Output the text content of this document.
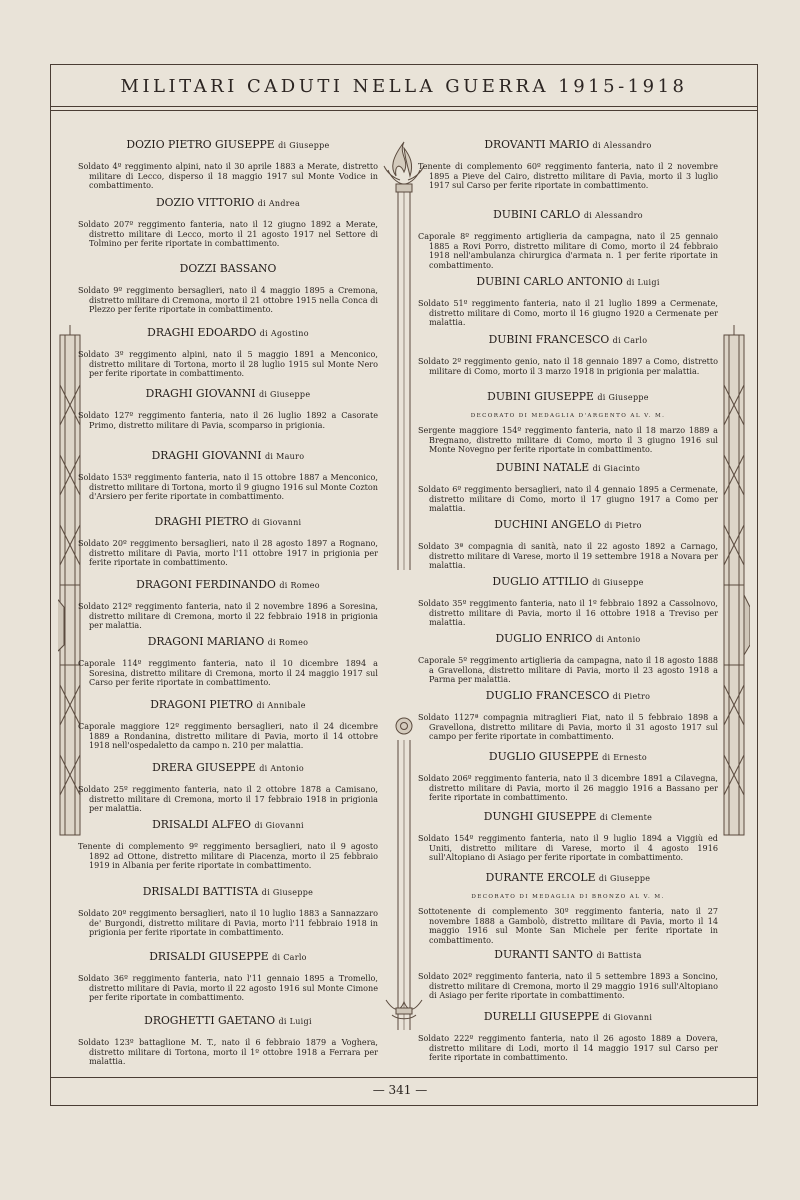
MILITARI CADUTI NELLA GUERRA 1915-1918

DOZIO PIETRO GIUSEPPE di Giuseppe

Soldato 4º reggimento alpini, nato il 30 aprile 1883 a Merate, distretto militare di Lecco, disperso il 18 maggio 1917 sul Monte Vodice in combattimento.

DOZIO VITTORIO di Andrea

Soldato 207º reggimento fanteria, nato il 12 giugno 1892 a Merate, distretto militare di Lecco, morto il 21 agosto 1917 nel Settore di Tolmino per ferite riportate in combattimento.

DOZZI BASSANO

Soldato 9º reggimento bersaglieri, nato il 4 maggio 1895 a Cremona, distretto militare di Cremona, morto il 21 ottobre 1915 nella Conca di Plezzo per ferite riportate in combattimento.

DRAGHI EDOARDO di Agostino

Soldato 3º reggimento alpini, nato il 5 maggio 1891 a Menconico, distretto militare di Tortona, morto il 28 luglio 1915 sul Monte Nero per ferite riportate in combattimento.

DRAGHI GIOVANNI di Giuseppe

Soldato 127º reggimento fanteria, nato il 26 luglio 1892 a Casorate Primo, distretto militare di Pavia, scomparso in prigionia.

DRAGHI GIOVANNI di Mauro

Soldato 153º reggimento fanteria, nato il 15 ottobre 1887 a Menconico, distretto militare di Tortona, morto il 9 giugno 1916 sul Monte Cozton d'Arsiero per ferite riportate in combattimento.

DRAGHI PIETRO di Giovanni

Soldato 20º reggimento bersaglieri, nato il 28 agosto 1897 a Rognano, distretto militare di Pavia, morto l'11 ottobre 1917 in prigionia per ferite riportate in combattimento.

DRAGONI FERDINANDO di Romeo

Soldato 212º reggimento fanteria, nato il 2 novembre 1896 a Soresina, distretto militare di Cremona, morto il 22 febbraio 1918 in prigionia per malattia.

DRAGONI MARIANO di Romeo

Caporale 114º reggimento fanteria, nato il 10 dicembre 1894 a Soresina, distretto militare di Cremona, morto il 24 maggio 1917 sul Carso per ferite riportate in combattimento.

DRAGONI PIETRO di Annibale

Caporale maggiore 12º reggimento bersaglieri, nato il 24 dicembre 1889 a Rondanina, distretto militare di Pavia, morto il 14 ottobre 1918 nell'ospedaletto da campo n. 210 per malattia.

DRERA GIUSEPPE di Antonio

Soldato 25º reggimento fanteria, nato il 2 ottobre 1878 a Camisano, distretto militare di Cremona, morto il 17 febbraio 1918 in prigionia per malattia.

DRISALDI ALFEO di Giovanni

Tenente di complemento 9º reggimento bersaglieri, nato il 9 agosto 1892 ad Ottone, distretto militare di Piacenza, morto il 25 febbraio 1919 in Albania per ferite riportate in combattimento.

DRISALDI BATTISTA di Giuseppe

Soldato 20º reggimento bersaglieri, nato il 10 luglio 1883 a Sannazzaro de' Burgondi, distretto militare di Pavia, morto l'11 febbraio 1918 in prigionia per ferite riportate in combattimento.

DRISALDI GIUSEPPE di Carlo

Soldato 36º reggimento fanteria, nato l'11 gennaio 1895 a Tromello, distretto militare di Pavia, morto il 22 agosto 1916 sul Monte Cimone per ferite riportate in combattimento.

DROGHETTI GAETANO di Luigi

Soldato 123º battaglione M. T., nato il 6 febbraio 1879 a Voghera, distretto militare di Tortona, morto il 1º ottobre 1918 a Ferrara per malattia.

DROVANTI MARIO di Alessandro

Tenente di complemento 60º reggimento fanteria, nato il 2 novembre 1895 a Pieve del Cairo, distretto militare di Pavia, morto il 3 luglio 1917 sul Carso per ferite riportate in combattimento.

DUBINI CARLO di Alessandro

Caporale 8º reggimento artiglieria da campagna, nato il 25 gennaio 1885 a Rovi Porro, distretto militare di Como, morto il 24 febbraio 1918 nell'ambulanza chirurgica d'armata n. 1 per ferite riportate in combattimento.

DUBINI CARLO ANTONIO di Luigi

Soldato 51º reggimento fanteria, nato il 21 luglio 1899 a Cermenate, distretto militare di Como, morto il 16 giugno 1920 a Cermenate per malattia.

DUBINI FRANCESCO di Carlo

Soldato 2º reggimento genio, nato il 18 gennaio 1897 a Como, distretto militare di Como, morto il 3 marzo 1918 in prigionia per malattia.

DUBINI GIUSEPPE di Giuseppe

DECORATO DI MEDAGLIA D'ARGENTO AL V. M.

Sergente maggiore 154º reggimento fanteria, nato il 18 marzo 1889 a Bregnano, distretto militare di Como, morto il 3 giugno 1916 sul Monte Novegno per ferite riportate in combattimento.

DUBINI NATALE di Giacinto

Soldato 6º reggimento bersaglieri, nato il 4 gennaio 1895 a Cermenate, distretto militare di Como, morto il 17 giugno 1917 a Como per malattia.

DUCHINI ANGELO di Pietro

Soldato 3ª compagnia di sanità, nato il 22 agosto 1892 a Carnago, distretto militare di Varese, morto il 19 settembre 1918 a Novara per malattia.

DUGLIO ATTILIO di Giuseppe

Soldato 35º reggimento fanteria, nato il 1º febbraio 1892 a Cassolnovo, distretto militare di Pavia, morto il 16 ottobre 1918 a Treviso per malattia.

DUGLIO ENRICO di Antonio

Caporale 5º reggimento artiglieria da campagna, nato il 18 agosto 1888 a Gravellona, distretto militare di Pavia, morto il 23 agosto 1918 a Parma per malattia.

DUGLIO FRANCESCO di Pietro

Soldato 1127ª compagnia mitraglieri Fiat, nato il 5 febbraio 1898 a Gravellona, distretto militare di Pavia, morto il 31 agosto 1917 sul campo per ferite riportate in combattimento.

DUGLIO GIUSEPPE di Ernesto

Soldato 206º reggimento fanteria, nato il 3 dicembre 1891 a Cilavegna, distretto militare di Pavia, morto il 26 maggio 1916 a Bassano per ferite riportate in combattimento.

DUNGHI GIUSEPPE di Clemente

Soldato 154º reggimento fanteria, nato il 9 luglio 1894 a Viggiù ed Uniti, distretto militare di Varese, morto il 4 agosto 1916 sull'Altopiano di Asiago per ferite riportate in combattimento.

DURANTE ERCOLE di Giuseppe

DECORATO DI MEDAGLIA DI BRONZO AL V. M.

Sottotenente di complemento 30º reggimento fanteria, nato il 27 novembre 1888 a Gambolò, distretto militare di Pavia, morto il 14 maggio 1916 sul Monte San Michele per ferite riportate in combattimento.

DURANTI SANTO di Battista

Soldato 202º reggimento fanteria, nato il 5 settembre 1893 a Soncino, distretto militare di Cremona, morto il 29 maggio 1916 sull'Altopiano di Asiago per ferite riportate in combattimento.

DURELLI GIUSEPPE di Giovanni

Soldato 222º reggimento fanteria, nato il 26 agosto 1889 a Dovera, distretto militare di Lodi, morto il 14 maggio 1917 sul Carso per ferite riportate in combattimento.

— 341 —
